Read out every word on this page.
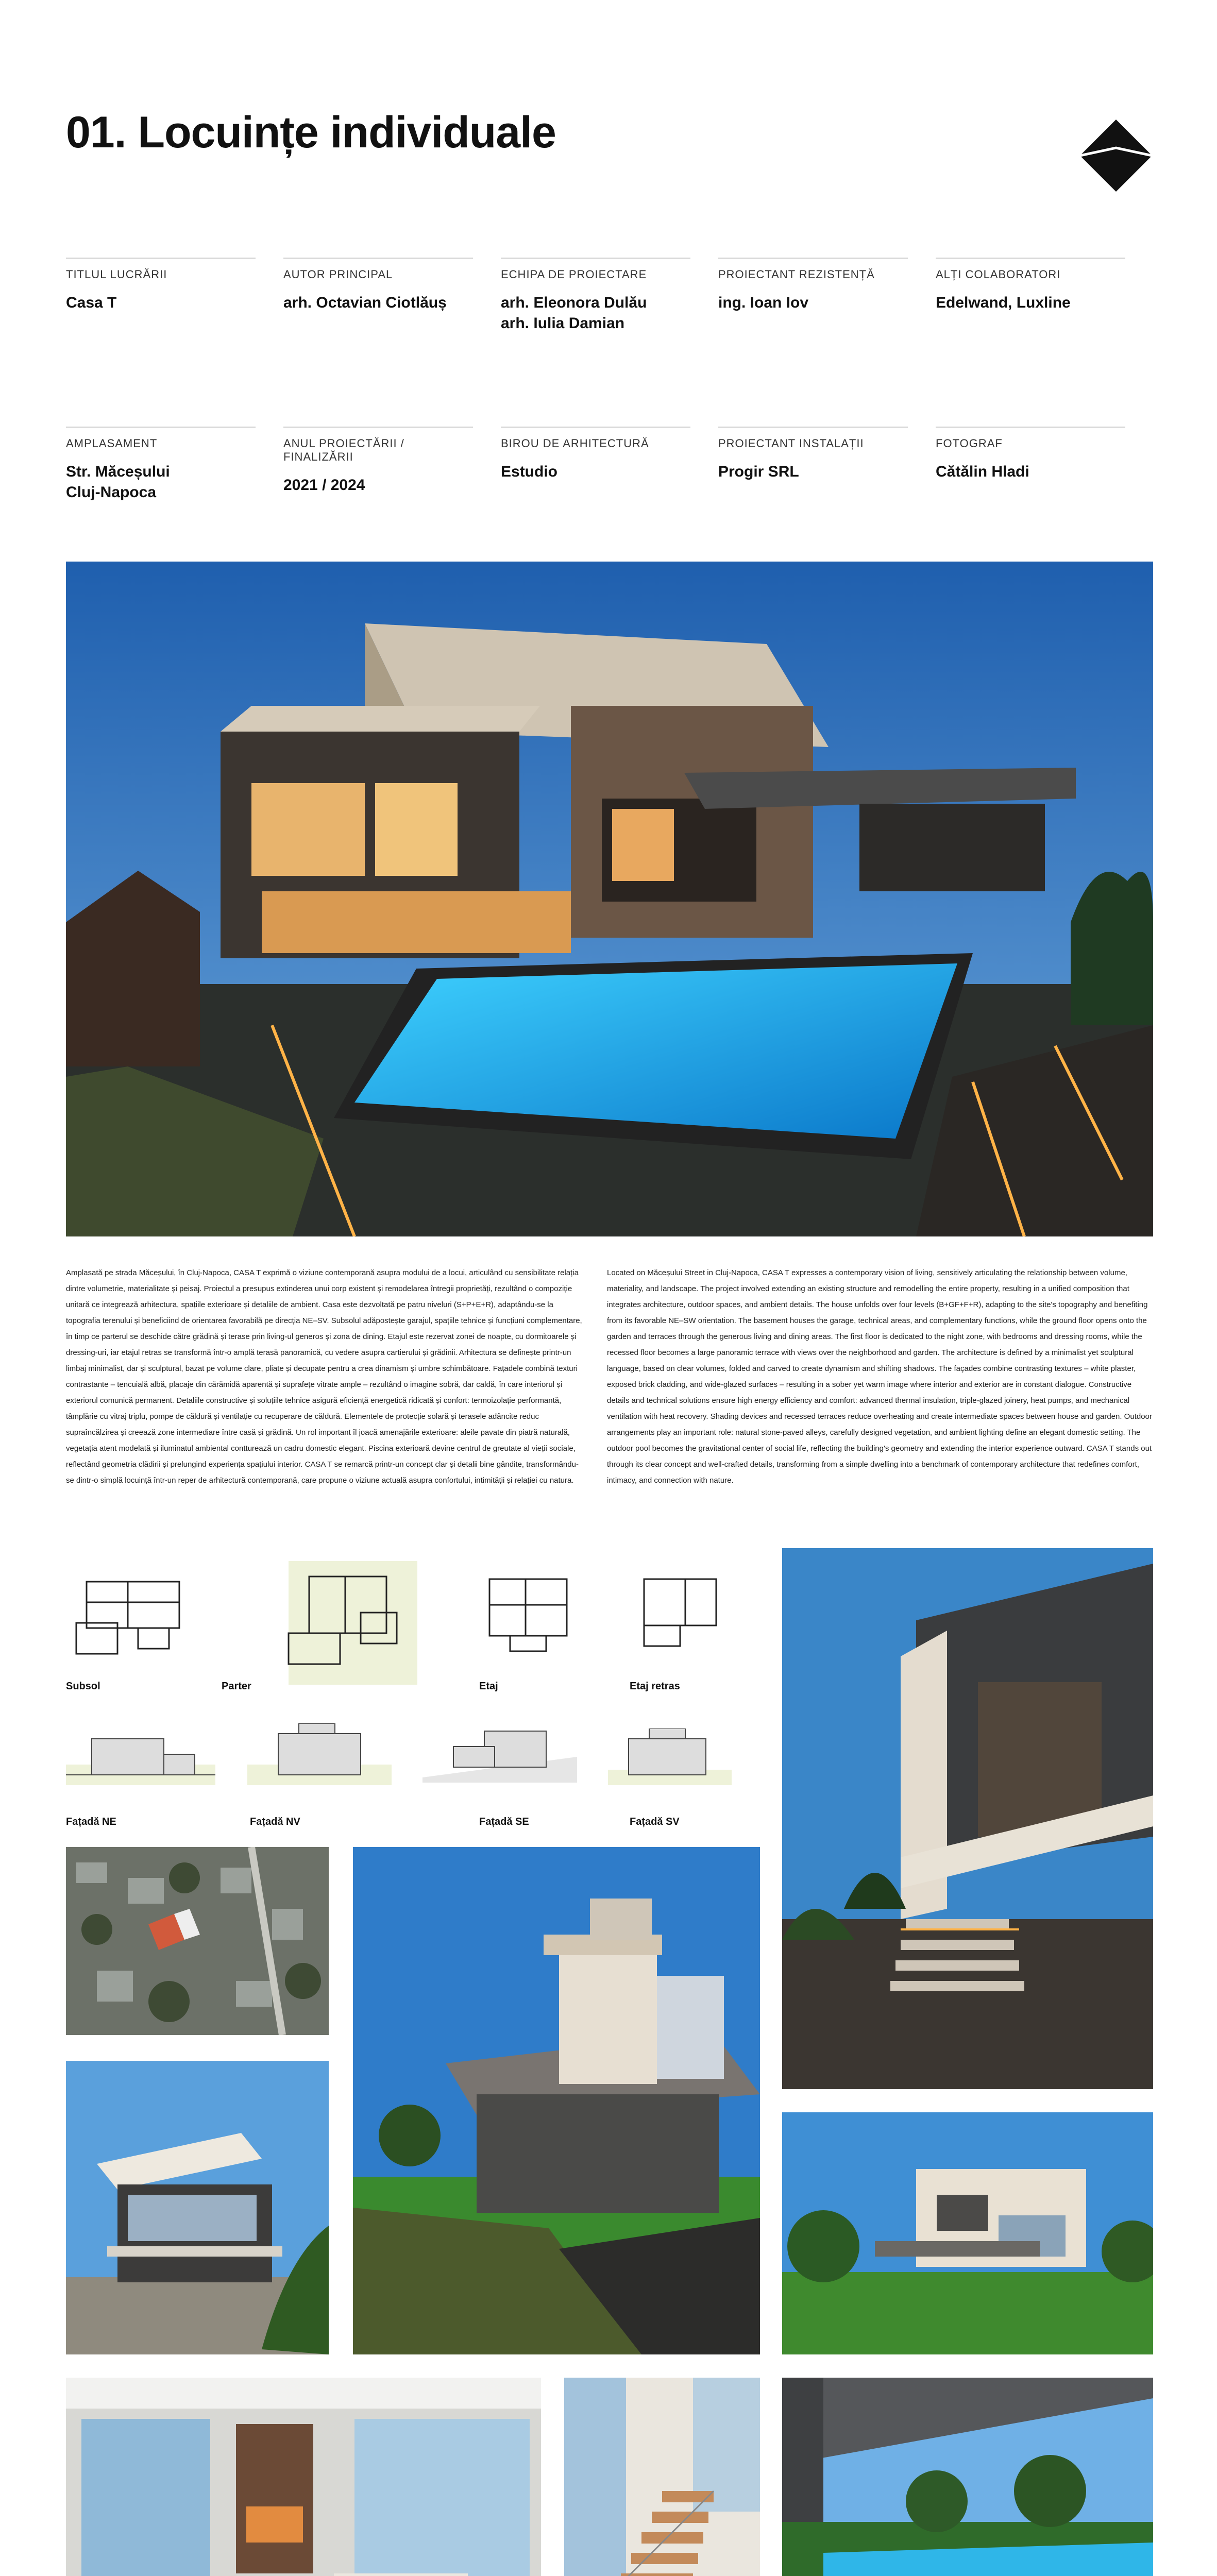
01. Locuințe individuale
TITLUL LUCRĂRII
Casa T
AUTOR PRINCIPAL
arh. Octavian Ciotlăuș
ECHIPA DE PROIECTARE
arh. Eleonora Dulău
arh. Iulia Damian
PROIECTANT REZISTENȚĂ
ing. Ioan Iov
ALȚI COLABORATORI
Edelwand, Luxline
AMPLASAMENT
Str. Măceșului
Cluj-Napoca
ANUL PROIECTĂRII / FINALIZĂRII
2021 / 2024
BIROU DE ARHITECTURĂ
Estudio
PROIECTANT INSTALAȚII
Progir SRL
FOTOGRAF
Cătălin Hladi
Amplasată pe strada Măceșului, în Cluj-Napoca, CASA T exprimă o viziune contemporană asupra modului de a locui, articulând cu sensibilitate relația dintre volumetrie, materialitate și peisaj. Proiectul a presupus extinderea unui corp existent și remodelarea întregii proprietăți, rezultând o compoziție unitară ce integrează arhitectura, spațiile exterioare și detaliile de ambient. Casa este dezvoltată pe patru niveluri (S+P+E+R), adaptându-se la topografia terenului și beneficiind de orientarea favorabilă pe direcția NE–SV. Subsolul adăpostește garajul, spațiile tehnice și funcțiuni complementare, în timp ce parterul se deschide către grădină și terase prin living-ul generos și zona de dining. Etajul este rezervat zonei de noapte, cu dormitoarele și dressing-uri, iar etajul retras se transformă într-o amplă terasă panoramică, cu vedere asupra cartierului și grădinii. Arhitectura se definește printr-un limbaj minimalist, dar și sculptural, bazat pe volume clare, pliate și decupate pentru a crea dinamism și umbre schimbătoare. Fațadele combină texturi contrastante – tencuială albă, placaje din cărămidă aparentă și suprafețe vitrate ample – rezultând o imagine sobră, dar caldă, în care interiorul și exteriorul comunică permanent. Detaliile constructive și soluțiile tehnice asigură eficiență energetică ridicată și confort: termoizolație performantă, tâmplărie cu vitraj triplu, pompe de căldură și ventilație cu recuperare de căldură. Elementele de protecție solară și terasele adâncite reduc supraîncălzirea și creează zone intermediare între casă și grădină. Un rol important îl joacă amenajările exterioare: aleile pavate din piatră naturală, vegetația atent modelată și iluminatul ambiental contturează un cadru domestic elegant. Piscina exterioară devine centrul de greutate al vieții sociale, reflectând geometria clădirii și prelungind experiența spațiului interior. CASA T se remarcă printr-un concept clar și detalii bine gândite, transformându-se dintr-o simplă locuință într-un reper de arhitectură contemporană, care propune o viziune actuală asupra confortului, intimității și relației cu natura.
Located on Măceșului Street in Cluj-Napoca, CASA T expresses a contemporary vision of living, sensitively articulating the relationship between volume, materiality, and landscape. The project involved extending an existing structure and remodelling the entire property, resulting in a unified composition that integrates architecture, outdoor spaces, and ambient details. The house unfolds over four levels (B+GF+F+R), adapting to the site's topography and benefiting from its favorable NE–SW orientation. The basement houses the garage, technical areas, and complementary functions, while the ground floor opens onto the garden and terraces through the generous living and dining areas. The first floor is dedicated to the night zone, with bedrooms and dressing rooms, while the recessed floor becomes a large panoramic terrace with views over the neighborhood and garden. The architecture is defined by a minimalist yet sculptural language, based on clear volumes, folded and carved to create dynamism and shifting shadows. The façades combine contrasting textures – white plaster, exposed brick cladding, and wide-glazed surfaces – resulting in a sober yet warm image where interior and exterior are in constant dialogue. Constructive details and technical solutions ensure high energy efficiency and comfort: advanced thermal insulation, triple-glazed joinery, heat pumps, and mechanical ventilation with heat recovery. Shading devices and recessed terraces reduce overheating and create intermediate spaces between house and garden. Outdoor arrangements play an important role: natural stone-paved alleys, carefully designed vegetation, and ambient lighting define an elegant domestic setting. The outdoor pool becomes the gravitational center of social life, reflecting the building's geometry and extending the interior experience outward. CASA T stands out through its clear concept and well-crafted details, transforming from a simple dwelling into a benchmark of contemporary architecture that redefines comfort, intimacy, and connection with nature.
Subsol	Parter	Etaj	Etaj retras
Fațadă NE	Fațadă NV	Fațadă SE	Fațadă SV
